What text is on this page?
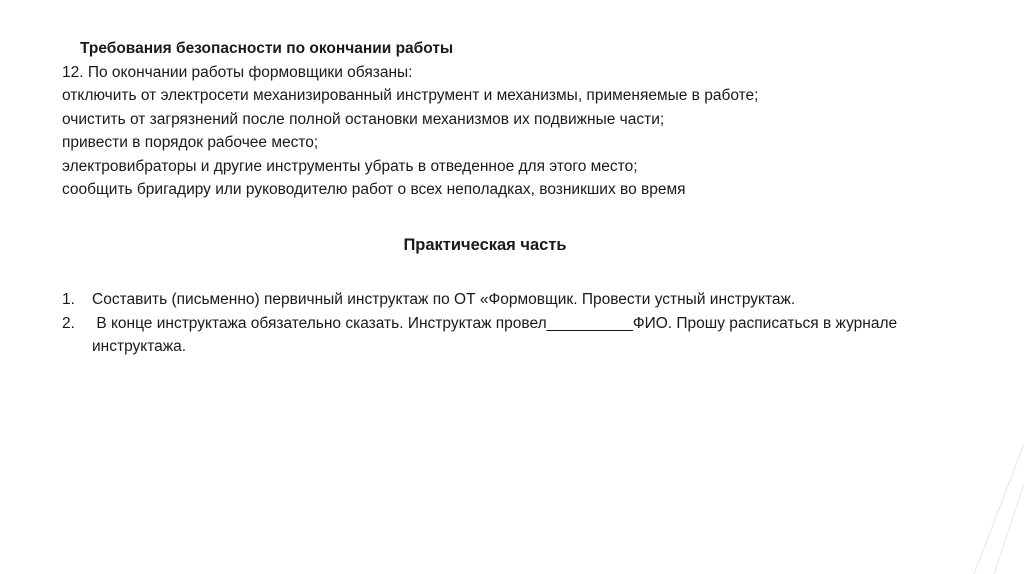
Требования безопасности по окончании работы
12. По окончании работы формовщики обязаны:
отключить от электросети механизированный инструмент и механизмы, применяемые в работе;
очистить от загрязнений после полной остановки механизмов их подвижные части;
привести в порядок рабочее место;
электровибраторы и другие инструменты убрать в отведенное для этого место;
сообщить бригадиру или руководителю работ о всех неполадках, возникших во время
Практическая часть
1.	Составить (письменно) первичный инструктаж по ОТ «Формовщик. Провести устный инструктаж.
2.	В конце инструктажа обязательно сказать. Инструктаж провел__________ФИО. Прошу расписаться в журнале инструктажа.
